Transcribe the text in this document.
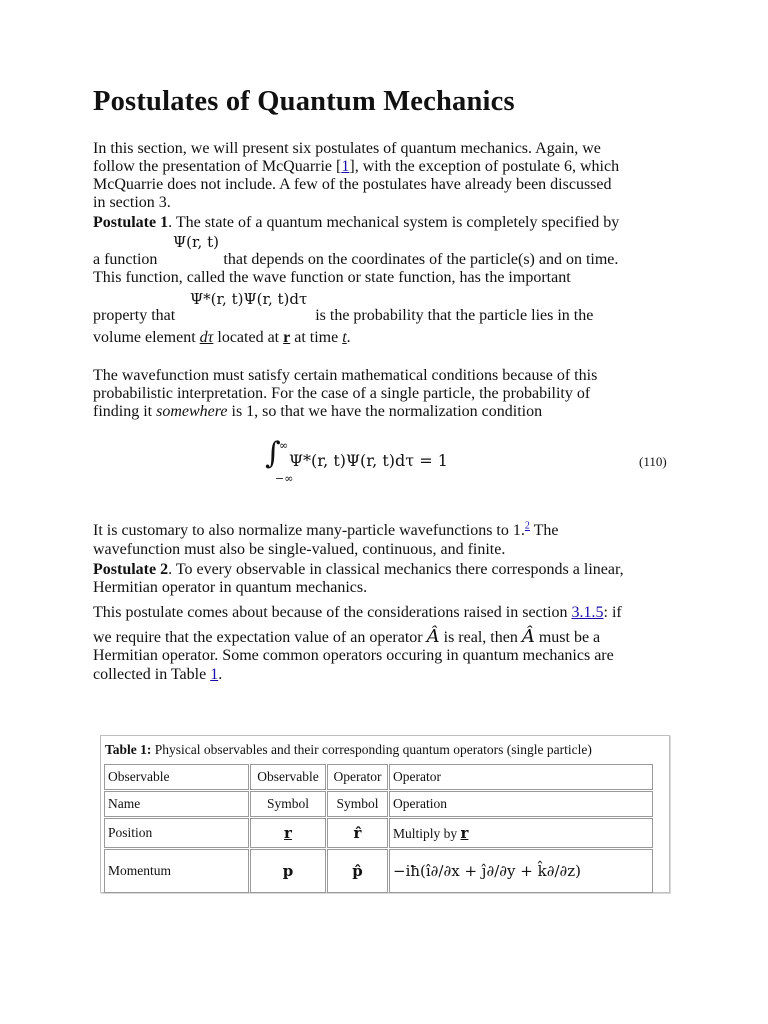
Postulates of Quantum Mechanics
In this section, we will present six postulates of quantum mechanics. Again, we
follow the presentation of McQuarrie [1], with the exception of postulate 6, which
McQuarrie does not include. A few of the postulates have already been discussed
in section 3.
Postulate 1. The state of a quantum mechanical system is completely specified by
Ψ(r, t)
a function	that depends on the coordinates of the particle(s) and on time.
This function, called the wave function or state function, has the important
Ψ*(r, t)Ψ(r, t)dτ
property that	is the probability that the particle lies in the
volume element dτ located at r at time t.
The wavefunction must satisfy certain mathematical conditions because of this
probabilistic interpretation. For the case of a single particle, the probability of
finding it somewhere is 1, so that we have the normalization condition
∫
∞
−∞
Ψ*(r, t)Ψ(r, t)dτ = 1	(110)
It is customary to also normalize many-particle wavefunctions to 1.$^2$ The
wavefunction must also be single-valued, continuous, and finite.
Postulate 2. To every observable in classical mechanics there corresponds a linear,
Hermitian operator in quantum mechanics.
This postulate comes about because of the considerations raised in section 3.1.5: if
we require that the expectation value of an operator Â is real, then Â must be a
Hermitian operator. Some common operators occuring in quantum mechanics are
collected in Table 1.
Table 1: Physical observables and their corresponding quantum operators (single particle)
Observable	Observable	Operator	Operator
Name	Symbol	Symbol	Operation
Position	r	r̂	Multiply by r
Momentum	p	p̂	−iħ(î∂/∂x + ĵ∂/∂y + k̂∂/∂z)
